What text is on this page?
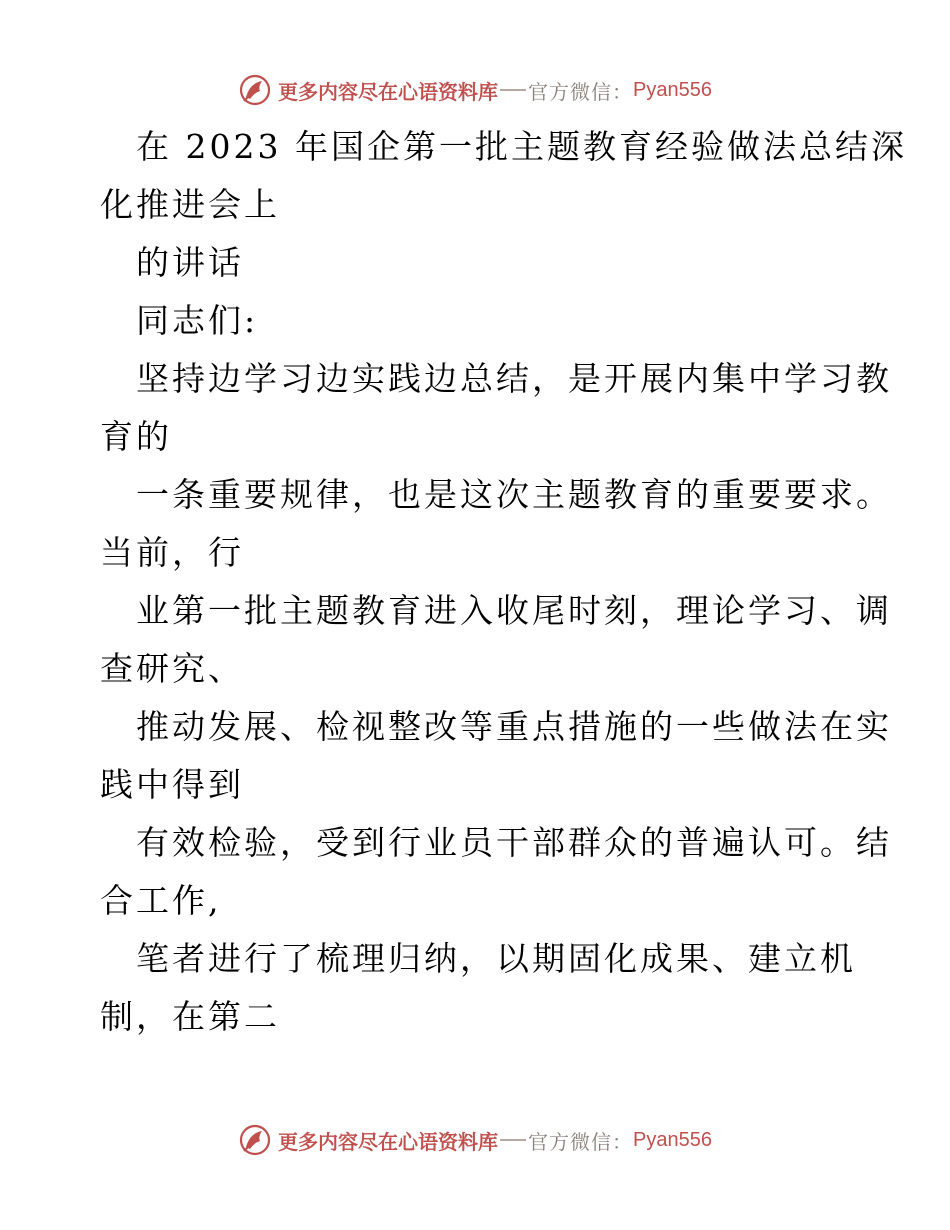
更多内容尽在心语资料库 官方微信： Pyan556
在 2023 年国企第一批主题教育经验做法总结深
化推进会上
的讲话
同志们:
坚持边学习边实践边总结，是开展内集中学习教
育的
一条重要规律，也是这次主题教育的重要要求。
当前，行
业第一批主题教育进入收尾时刻，理论学习、调
查研究、
推动发展、检视整改等重点措施的一些做法在实
践中得到
有效检验，受到行业员干部群众的普遍认可。结
合工作,
笔者进行了梳理归纳，以期固化成果、建立机
制，在第二
更多内容尽在心语资料库 官方微信： Pyan556
